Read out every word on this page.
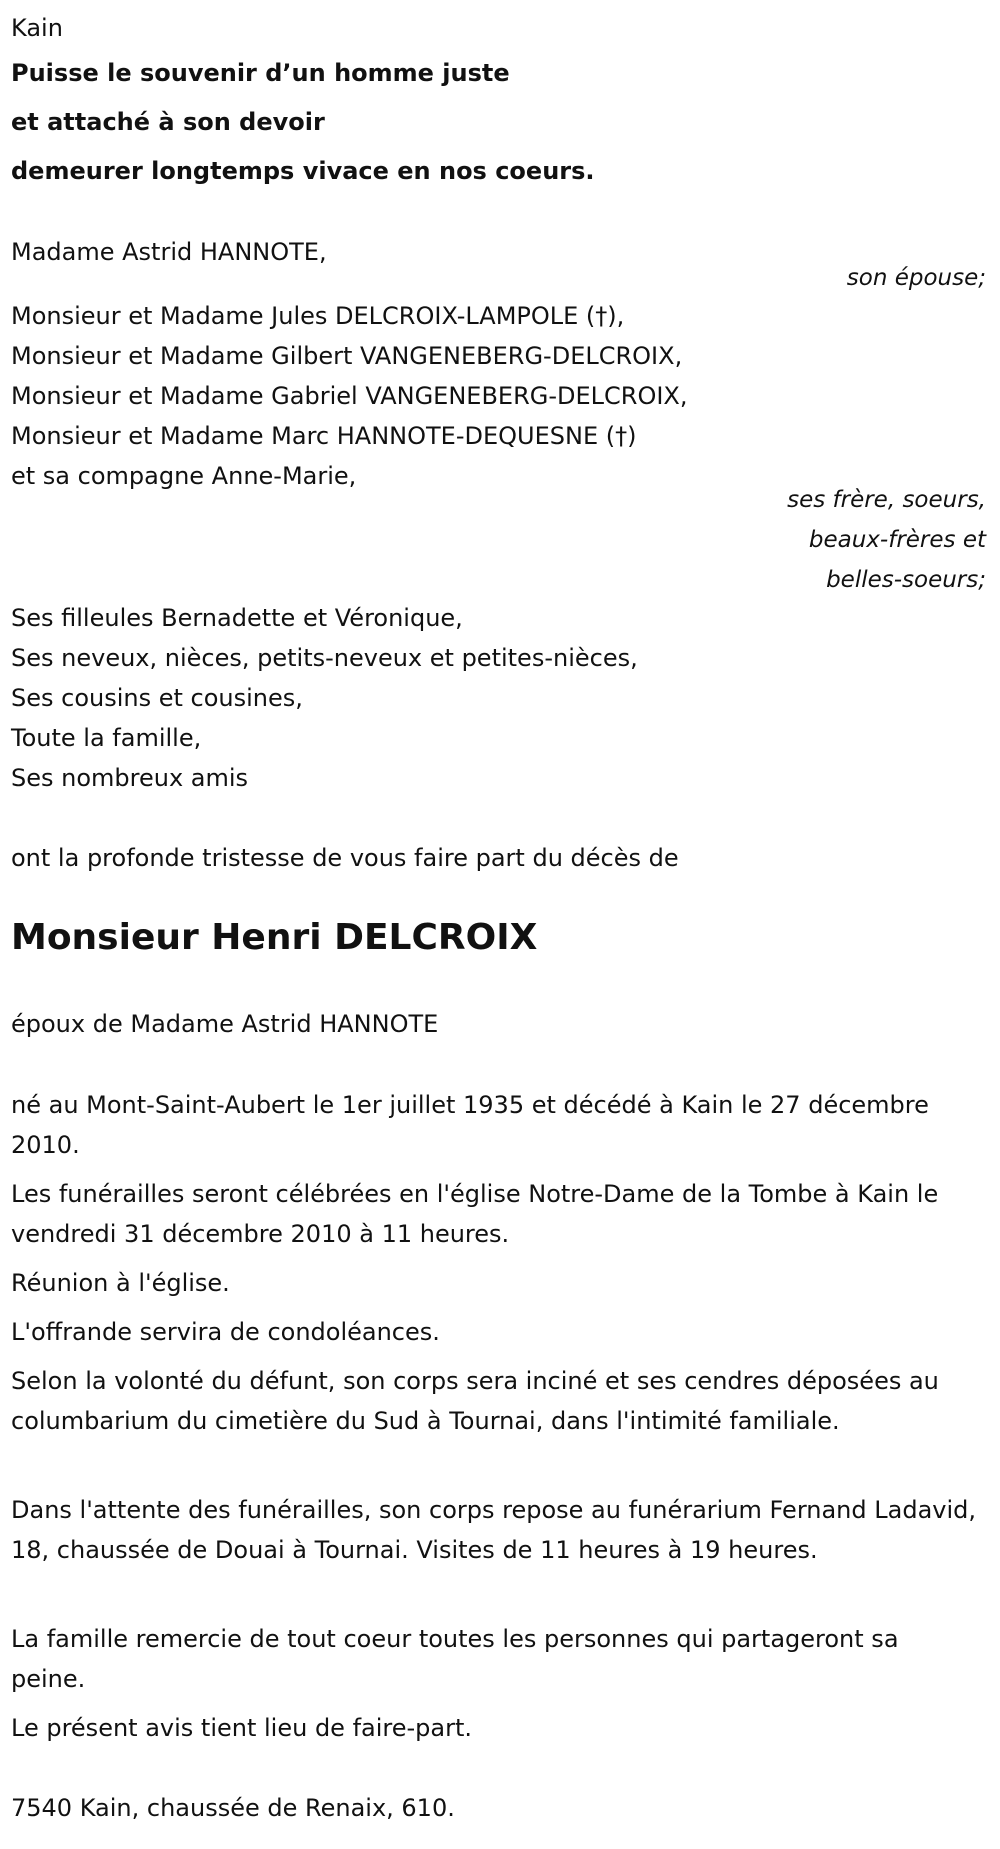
Kain
Puisse le souvenir d’un homme juste
et attaché à son devoir
demeurer longtemps vivace en nos coeurs.
Madame Astrid HANNOTE,
son épouse;
Monsieur et Madame Jules DELCROIX-LAMPOLE (†),
Monsieur et Madame Gilbert VANGENEBERG-DELCROIX,
Monsieur et Madame Gabriel VANGENEBERG-DELCROIX,
Monsieur et Madame Marc HANNOTE-DEQUESNE (†)
et sa compagne Anne-Marie,
ses frère, soeurs,
beaux-frères et
belles-soeurs;
Ses filleules Bernadette et Véronique,
Ses neveux, nièces, petits-neveux et petites-nièces,
Ses cousins et cousines,
Toute la famille,
Ses nombreux amis
ont la profonde tristesse de vous faire part du décès de
Monsieur Henri DELCROIX
époux de Madame Astrid HANNOTE
né au Mont-Saint-Aubert le 1er juillet 1935 et décédé à Kain le 27 décembre 2010.
Les funérailles seront célébrées en l'église Notre-Dame de la Tombe à Kain le vendredi 31 décembre 2010 à 11 heures.
Réunion à l'église.
L'offrande servira de condoléances.
Selon la volonté du défunt, son corps sera inciné et ses cendres déposées au columbarium du cimetière du Sud à Tournai, dans l'intimité familiale.
Dans l'attente des funérailles, son corps repose au funérarium Fernand Ladavid, 18, chaussée de Douai à Tournai. Visites de 11 heures à 19 heures.
La famille remercie de tout coeur toutes les personnes qui partageront sa peine.
Le présent avis tient lieu de faire-part.
7540 Kain, chaussée de Renaix, 610.
